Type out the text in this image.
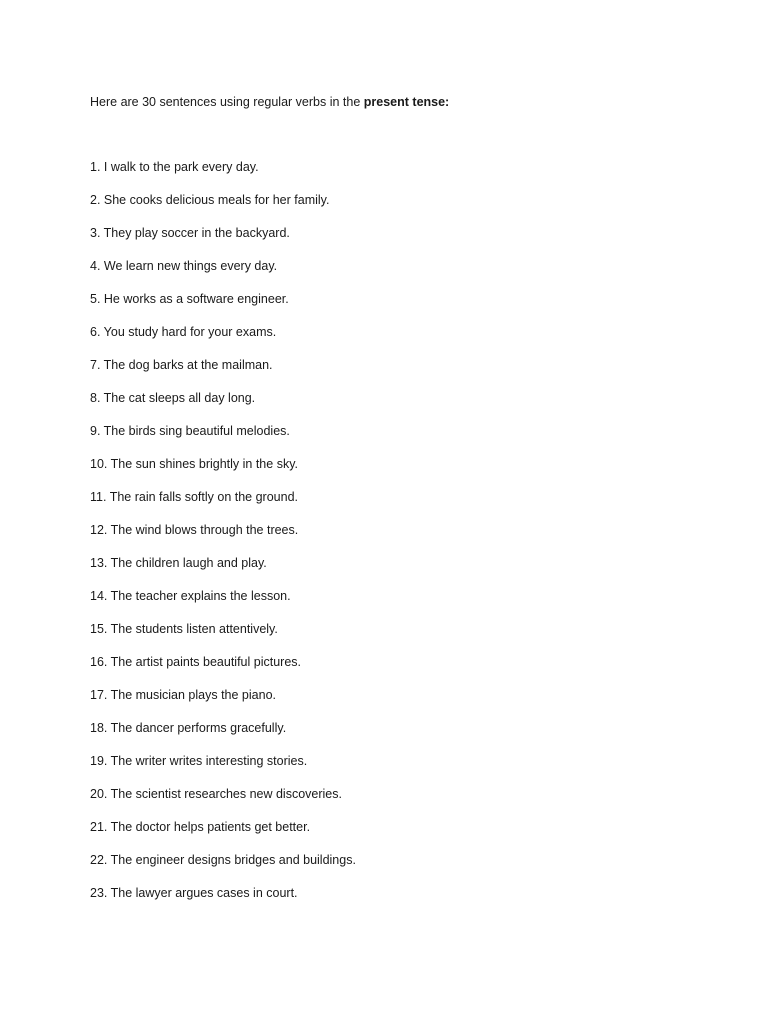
Here are 30 sentences using regular verbs in the present tense:
1. I walk to the park every day.
2. She cooks delicious meals for her family.
3. They play soccer in the backyard.
4. We learn new things every day.
5. He works as a software engineer.
6. You study hard for your exams.
7. The dog barks at the mailman.
8. The cat sleeps all day long.
9. The birds sing beautiful melodies.
10. The sun shines brightly in the sky.
11. The rain falls softly on the ground.
12. The wind blows through the trees.
13. The children laugh and play.
14. The teacher explains the lesson.
15. The students listen attentively.
16. The artist paints beautiful pictures.
17. The musician plays the piano.
18. The dancer performs gracefully.
19. The writer writes interesting stories.
20. The scientist researches new discoveries.
21. The doctor helps patients get better.
22. The engineer designs bridges and buildings.
23. The lawyer argues cases in court.
